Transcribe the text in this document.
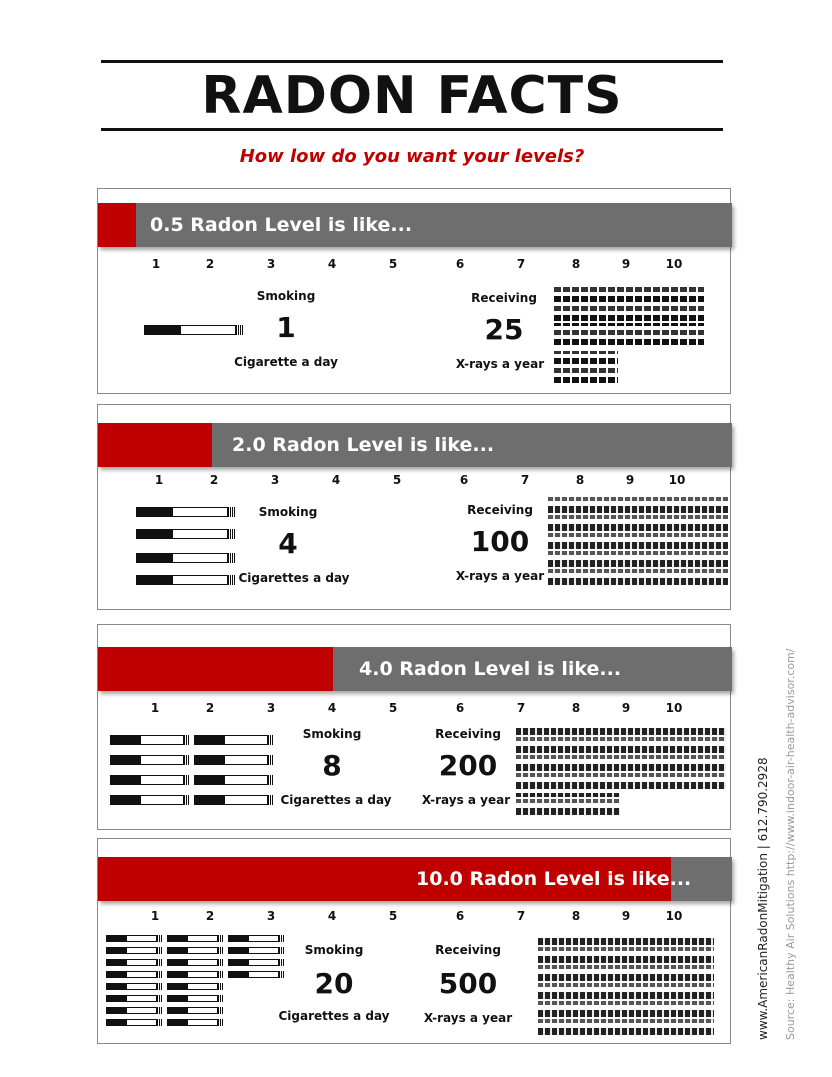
RADON FACTS
How low do you want your levels?
0.5 Radon Level is like...
1	2	3	4	5	6	7	8	9	10
Smoking
1
Cigarette a day
Receiving
25
X-rays a year
2.0 Radon Level is like...
1	2	3	4	5	6	7	8	9	10
Smoking
4
Cigarettes a day
Receiving
100
X-rays a year
4.0 Radon Level is like...
1	2	3	4	5	6	7	8	9	10
Smoking
8
Cigarettes a day
Receiving
200
X-rays a year
10.0 Radon Level is like...
1	2	3	4	5	6	7	8	9	10
Smoking
20
Cigarettes a day
Receiving
500
X-rays a year	www.AmericanRadonMitigation | 612.790.2928 Source: Healthy Air Solutions http://www.indoor-air-health-advisor.com/
